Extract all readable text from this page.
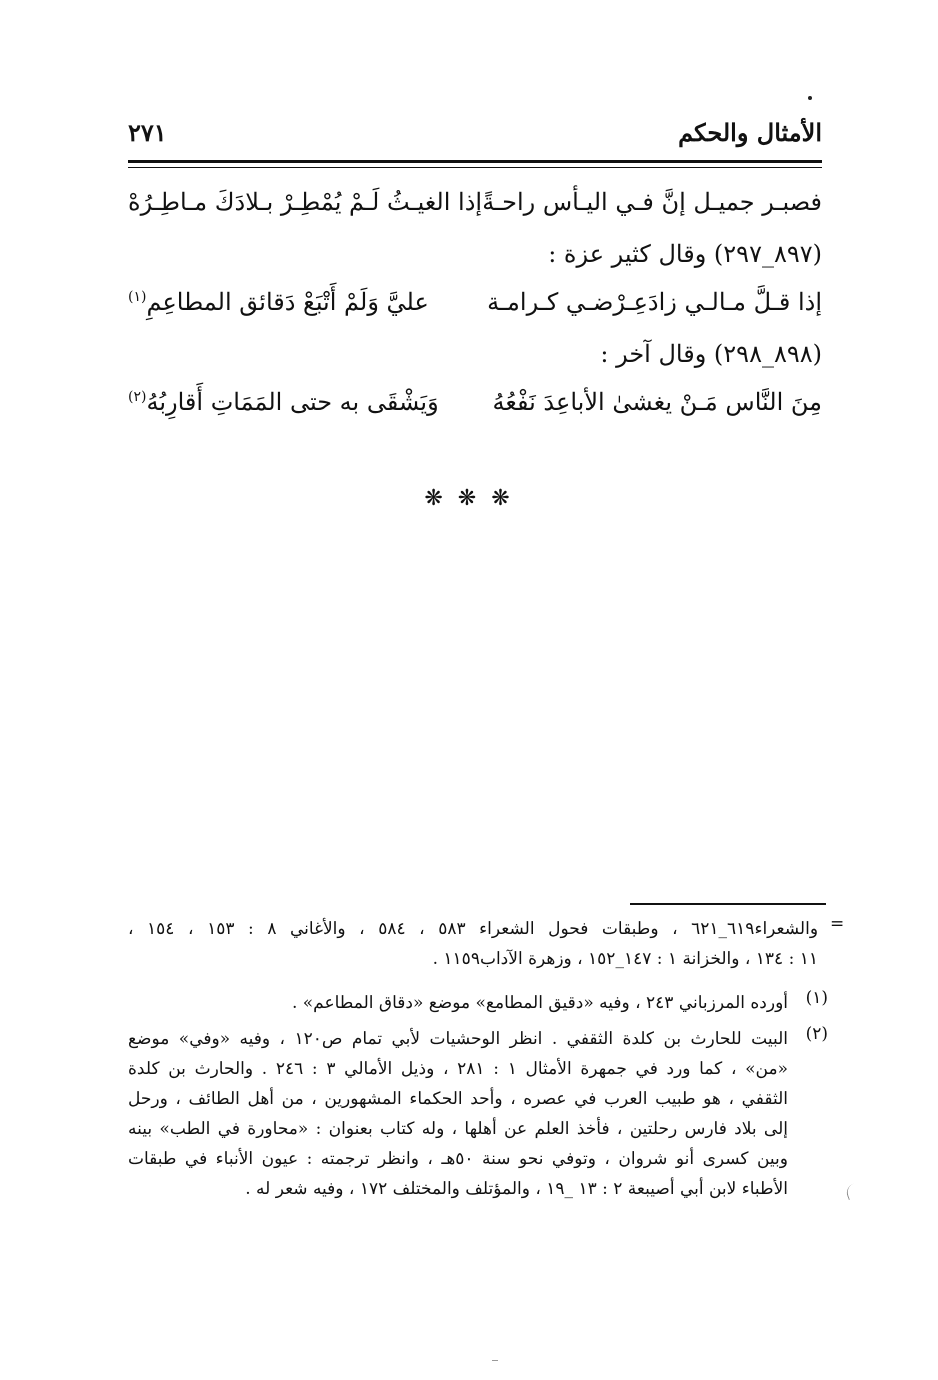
الأمثال والحكم
٢٧١
فصبـر جميـل إنَّ فـي اليـأس راحـةً
إذا الغيـثُ لَـمْ يُمْطِـرْ بـلادَكَ مـاطِـرُهْ
(٨٩٧_٢٩٧) وقال كثير عزة :
إذا قـلَّ مـالـي زادَعِـرْضـي كـرامـة
عليَّ وَلَمْ أَتْبَعْ دَقائق المطاعِمِ$^{(١)}$
(٨٩٨_٢٩٨) وقال آخر :
مِنَ النَّاس مَـنْ يغشىٰ الأباعِدَ نَفْعُهُ
وَيَشْقَى به حتى المَمَاتِ أَقارِبُهُ$^{(٢)}$
❋ ❋ ❋
=
والشعراء٦١٩_٦٢١ ، وطبقات فحول الشعراء ٥٨٣ ، ٥٨٤ ، والأغاني ٨ : ١٥٣ ، ١٥٤ ،
١١ : ١٣٤ ، والخزانة ١ : ١٤٧_١٥٢ ، وزهرة الآداب١١٥٩ .
(١)
أورده المرزباني ٢٤٣ ، وفيه «دقيق المطامع» موضع «دقاق المطاعم» .
(٢)
البيت للحارث بن كلدة الثقفي . انظر الوحشيات لأبي تمام ص١٢٠ ، وفيه «وفي» موضع
«من» ، كما ورد في جمهرة الأمثال ١ : ٢٨١ ، وذيل الأمالي ٣ : ٢٤٦ . والحارث بن كلدة
الثقفي ، هو طبيب العرب في عصره ، وأحد الحكماء المشهورين ، من أهل الطائف ، ورحل
إلى بلاد فارس رحلتين ، فأخذ العلم عن أهلها ، وله كتاب بعنوان : «محاورة في الطب» بينه
وبين كسرى أنو شروان ، وتوفي نحو سنة ٥٠هـ ، وانظر ترجمته : عيون الأنباء في طبقات
الأطباء لابن أبي أصيبعة ٢ : ١٣ _١٩ ، والمؤتلف والمختلف ١٧٢ ، وفيه شعر له .
